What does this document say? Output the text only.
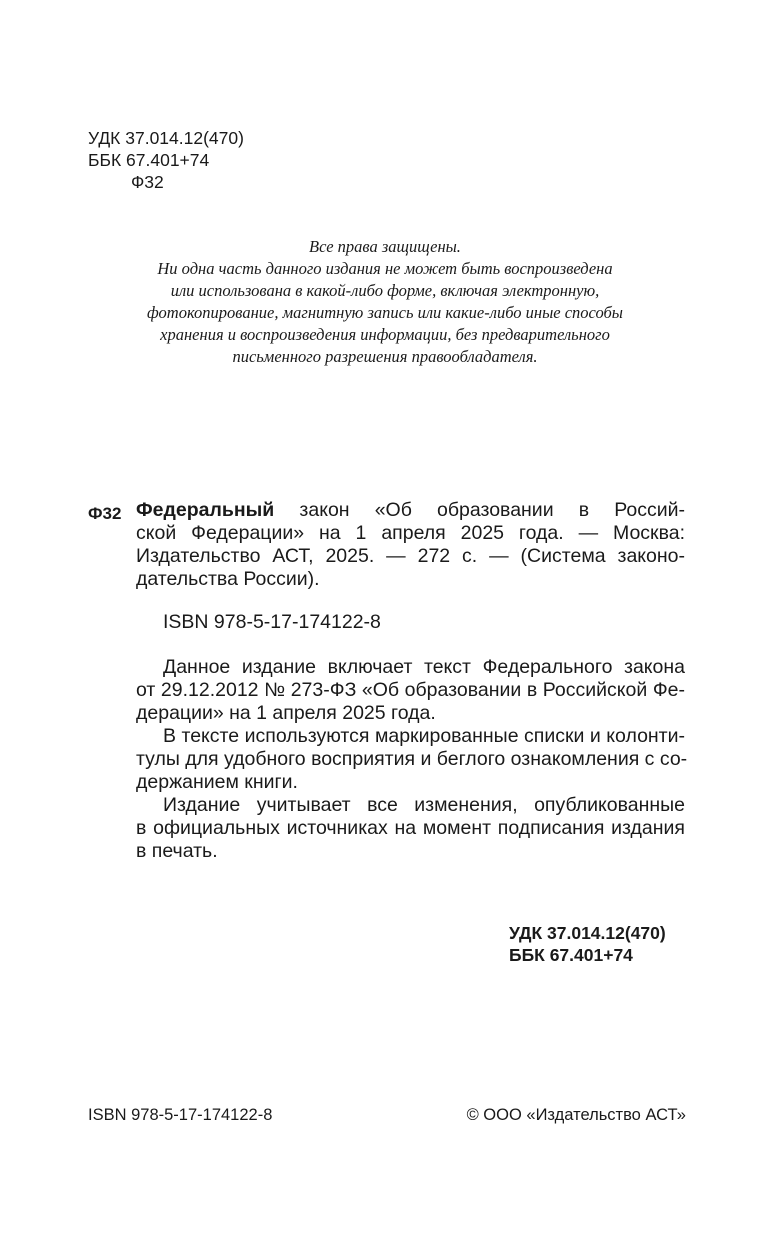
УДК 37.014.12(470)
ББК 67.401+74
Ф32
Все права защищены.
Ни одна часть данного издания не может быть воспроизведена
или использована в какой-либо форме, включая электронную,
фотокопирование, магнитную запись или какие-либо иные способы
хранения и воспроизведения информации, без предварительного
письменного разрешения правообладателя.
Ф32 Федеральный закон «Об образовании в Россий-
ской Федерации» на 1 апреля 2025 года. — Москва:
Издательство АСТ, 2025. — 272 с. — (Система законо-
дательства России).
ISBN 978-5-17-174122-8
Данное издание включает текст Федерального закона
от 29.12.2012 № 273-ФЗ «Об образовании в Российской Фе-
дерации» на 1 апреля 2025 года.
В тексте используются маркированные списки и колонти-
тулы для удобного восприятия и беглого ознакомления с со-
держанием книги.
Издание учитывает все изменения, опубликованные
в официальных источниках на момент подписания издания
в печать.
УДК 37.014.12(470)
ББК 67.401+74
ISBN 978-5-17-174122-8	© ООО «Издательство АСТ»
